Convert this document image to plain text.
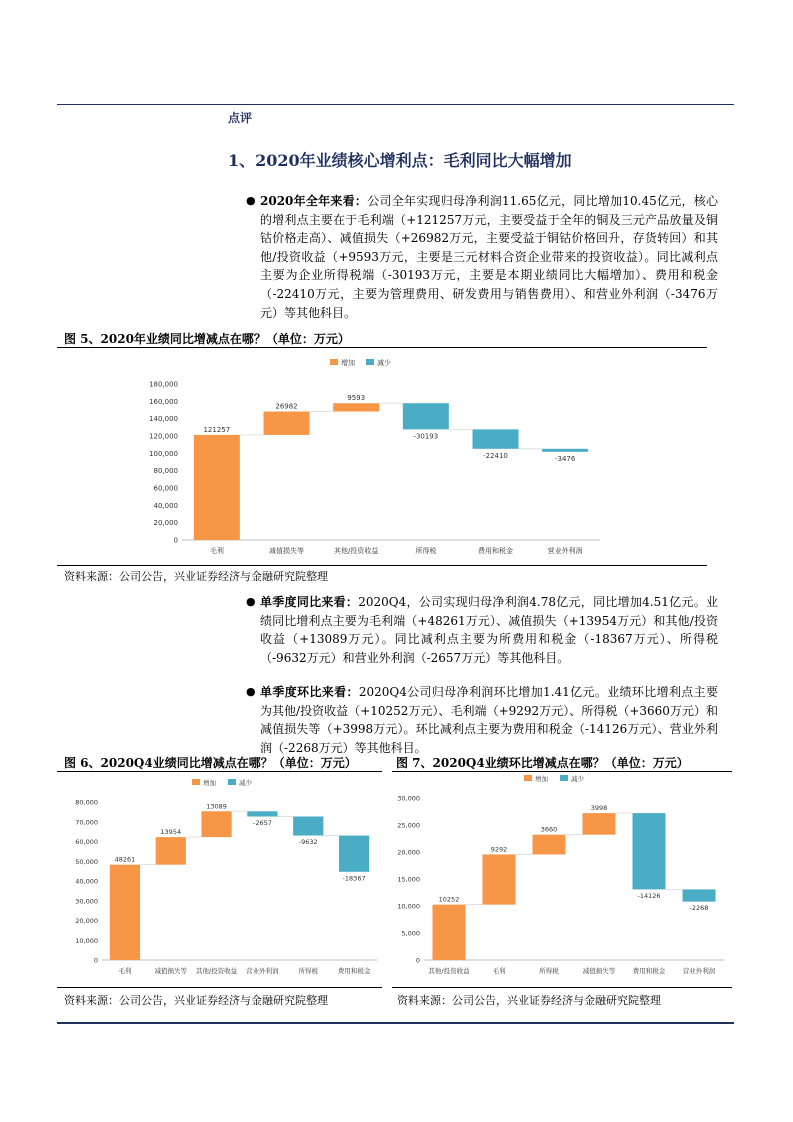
点评
1、2020年业绩核心增利点：毛利同比大幅增加
● 2020年全年来看：公司全年实现归母净利润11.65亿元，同比增加10.45亿元，核心的增利点主要在于毛利端（+121257万元，主要受益于全年的铜及三元产品放量及铜钴价格走高）、减值损失（+26982万元，主要受益于铜钴价格回升，存货转回）和其他/投资收益（+9593万元，主要是三元材料合资企业带来的投资收益）。同比减利点主要为企业所得税端（-30193万元，主要是本期业绩同比大幅增加）、费用和税金（-22410万元，主要为管理费用、研发费用与销售费用）、和营业外利润（-3476万元）等其他科目。
图 5、2020年业绩同比增减点在哪？（单位：万元）
增加	减少
0
20,000
40,000
60,000
80,000
100,000
120,000
140,000
160,000
180,000
121257
毛利
26982
减值损失等
9593
其他/投资收益
-30193
所得税
-22410
费用和税金
-3476
营业外利润
资料来源：公司公告，兴业证券经济与金融研究院整理
● 单季度同比来看：2020Q4，公司实现归母净利润4.78亿元，同比增加4.51亿元。业绩同比增利点主要为毛利端（+48261万元）、减值损失（+13954万元）和其他/投资收益（+13089万元）。同比减利点主要为所费用和税金（-18367万元）、所得税（-9632万元）和营业外利润（-2657万元）等其他科目。
● 单季度环比来看：2020Q4公司归母净利润环比增加1.41亿元。业绩环比增利点主要为其他/投资收益（+10252万元）、毛利端（+9292万元）、所得税（+3660万元）和减值损失等（+3998万元）。环比减利点主要为费用和税金（-14126万元）、营业外利润（-2268万元）等其他科目。
图 6、2020Q4业绩同比增减点在哪？（单位：万元）	图 7、2020Q4业绩环比增减点在哪？（单位：万元）
增加	减少
0
10,000
20,000
30,000
40,000
50,000
60,000
70,000
80,000
48261
毛利
13954
减值损失等
13089
其他/投资收益
-2657
营业外利润
-9632
所得税
-18367
费用和税金
增加	减少
0
5,000
10,000
15,000
20,000
25,000
30,000
10252
其他/投资收益
9292
毛利
3660
所得税
3998
减值损失等
-14126
费用和税金
-2268
营业外利润
资料来源：公司公告，兴业证券经济与金融研究院整理	资料来源：公司公告，兴业证券经济与金融研究院整理
